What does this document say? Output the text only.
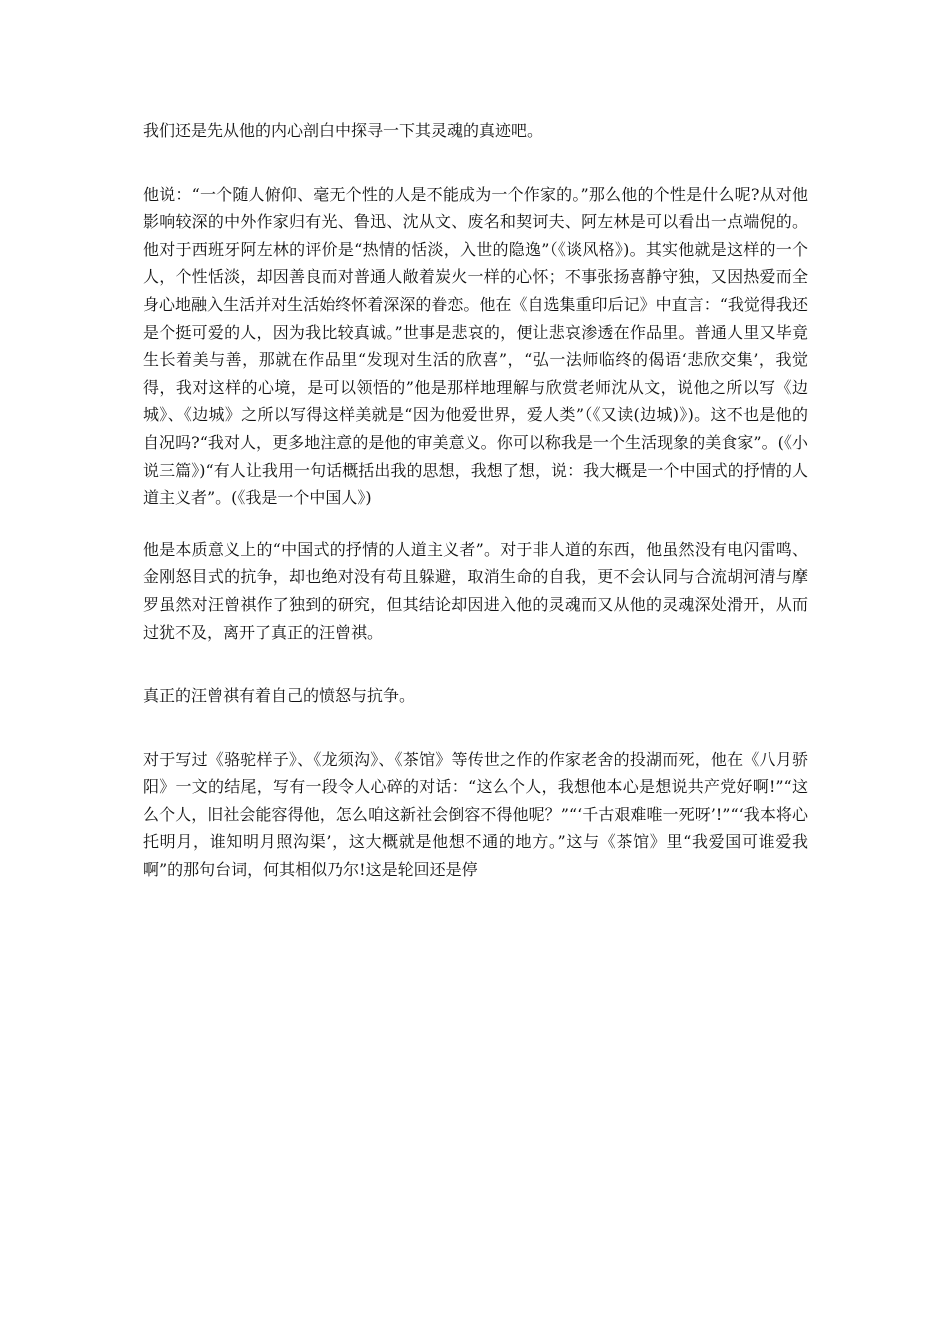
我们还是先从他的内心剖白中探寻一下其灵魂的真迹吧。

他说：“一个随人俯仰、毫无个性的人是不能成为一个作家的。”那么他的个性是什么呢?从对他影响较深的中外作家归有光、鲁迅、沈从文、废名和契诃夫、阿左林是可以看出一点端倪的。他对于西班牙阿左林的评价是“热情的恬淡，入世的隐逸”（《谈风格》)。其实他就是这样的一个人，个性恬淡，却因善良而对普通人敞着炭火一样的心怀；不事张扬喜静守独，又因热爱而全身心地融入生活并对生活始终怀着深深的眷恋。他在《自选集重印后记》中直言：“我觉得我还是个挺可爱的人，因为我比较真诚。”世事是悲哀的，便让悲哀渗透在作品里。普通人里又毕竟生长着美与善，那就在作品里“发现对生活的欣喜”，“弘一法师临终的偈语‘悲欣交集’，我觉得，我对这样的心境，是可以领悟的”他是那样地理解与欣赏老师沈从文，说他之所以写《边城》、《边城》之所以写得这样美就是“因为他爱世界，爱人类”（《又读(边城)》)。这不也是他的自况吗?“我对人，更多地注意的是他的审美意义。你可以称我是一个生活现象的美食家”。(《小说三篇》)“有人让我用一句话概括出我的思想，我想了想，说：我大概是一个中国式的抒情的人道主义者”。(《我是一个中国人》)

他是本质意义上的“中国式的抒情的人道主义者”。对于非人道的东西，他虽然没有电闪雷鸣、金刚怒目式的抗争，却也绝对没有苟且躲避，取消生命的自我，更不会认同与合流胡河清与摩罗虽然对汪曾祺作了独到的研究，但其结论却因进入他的灵魂而又从他的灵魂深处滑开，从而过犹不及，离开了真正的汪曾祺。

真正的汪曾祺有着自己的愤怒与抗争。

对于写过《骆驼样子》、《龙须沟》、《茶馆》等传世之作的作家老舍的投湖而死，他在《八月骄阳》一文的结尾，写有一段令人心碎的对话：“这么个人，我想他本心是想说共产党好啊!”“这么个人，旧社会能容得他，怎么咱这新社会倒容不得他呢？”“‘千古艰难唯一死呀’!”“‘我本将心托明月，谁知明月照沟渠’，这大概就是他想不通的地方。”这与《茶馆》里“我爱国可谁爱我啊”的那句台词，何其相似乃尔!这是轮回还是停
